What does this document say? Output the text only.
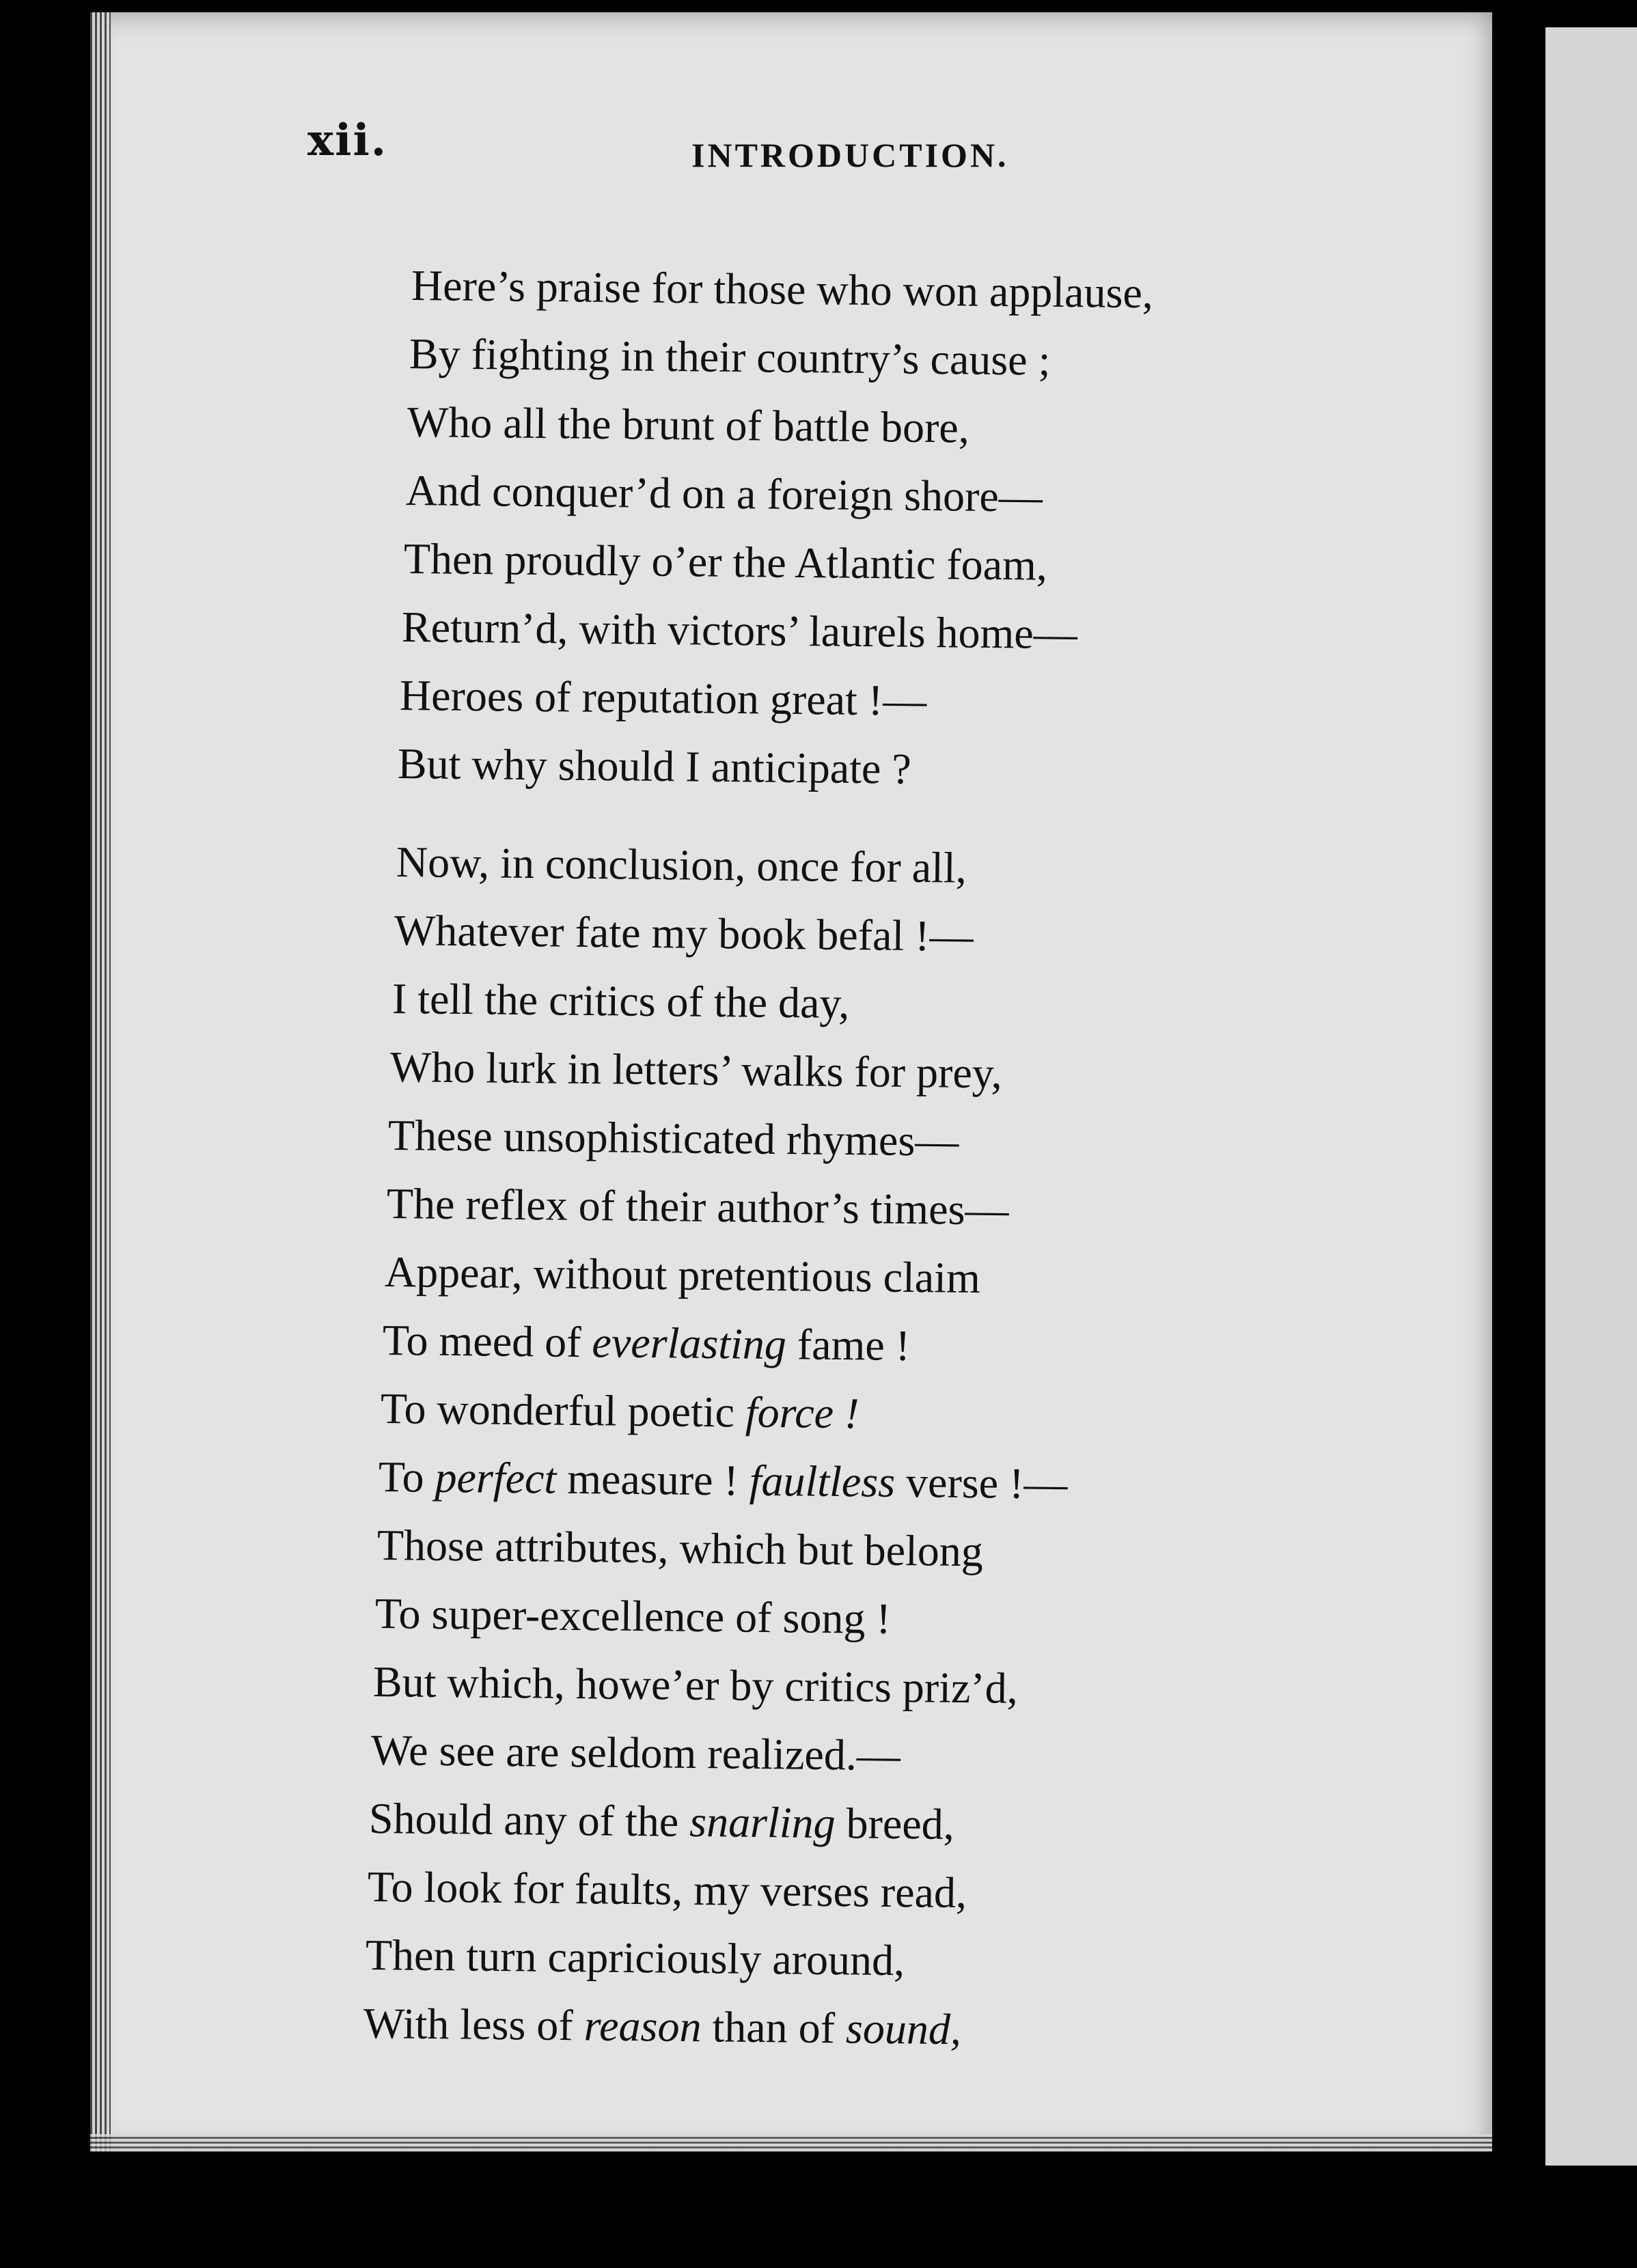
xii.	INTRODUCTION.

Here’s praise for those who won applause,

By fighting in their country’s cause ;

Who all the brunt of battle bore,

And conquer’d on a foreign shore—

Then proudly o’er the Atlantic foam,

Return’d, with victors’ laurels home—

Heroes of reputation great !—

But why should I anticipate ?

Now, in conclusion, once for all,

Whatever fate my book befal !—

I tell the critics of the day,

Who lurk in letters’ walks for prey,

These unsophisticated rhymes—

The reflex of their author’s times—

Appear, without pretentious claim

To meed of everlasting fame !

To wonderful poetic force !

To perfect measure ! faultless verse !—

Those attributes, which but belong

To super-excellence of song !

But which, howe’er by critics priz’d,

We see are seldom realized.—

Should any of the snarling breed,

To look for faults, my verses read,

Then turn capriciously around,

With less of reason than of sound,
